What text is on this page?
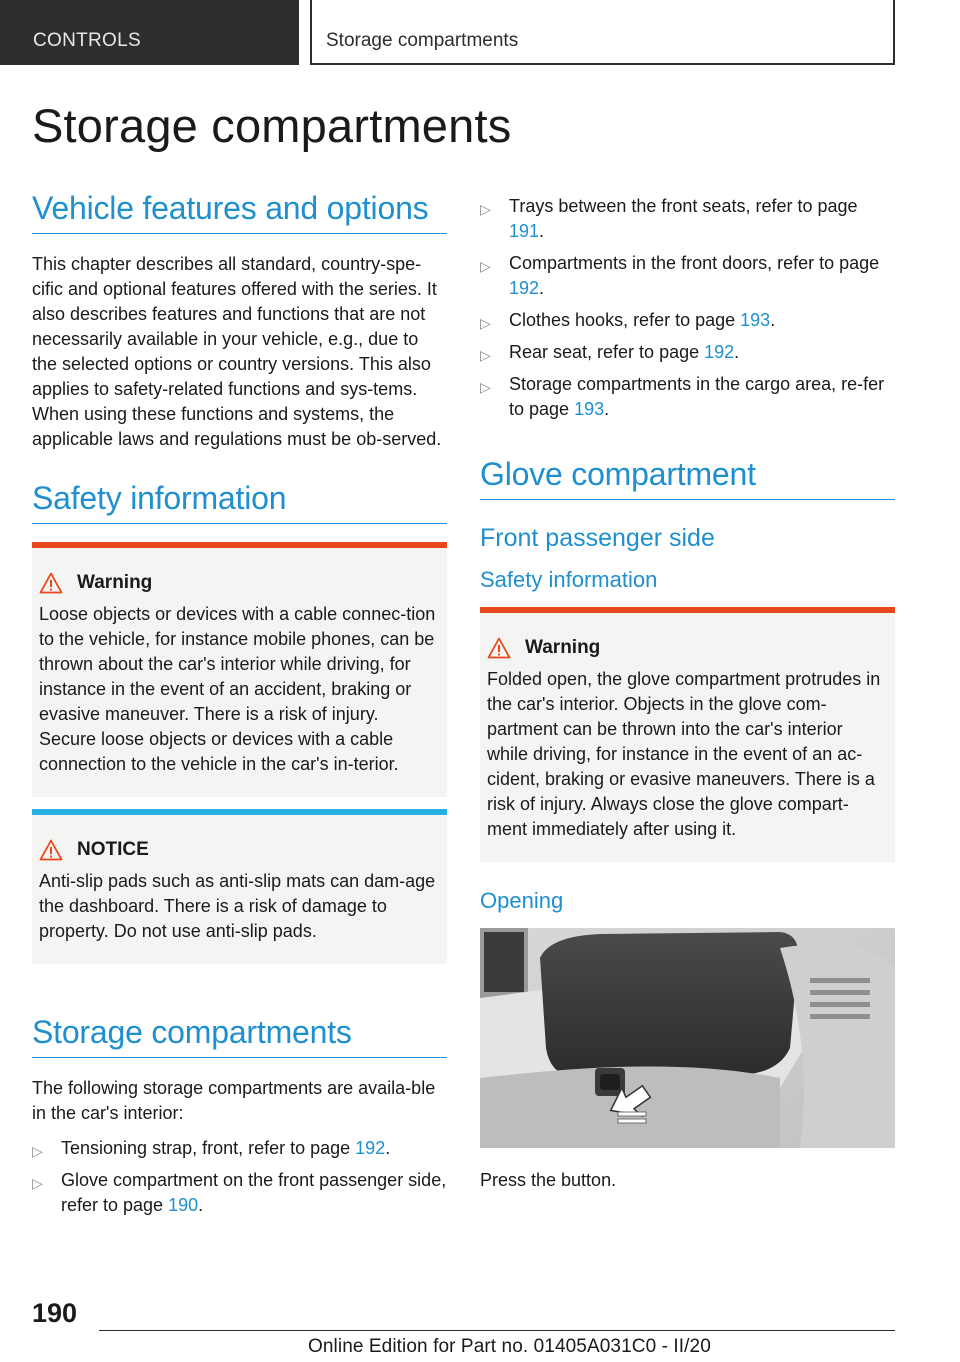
CONTROLS	Storage compartments
Storage compartments
Vehicle features and options

This chapter describes all standard, country-spe-cific and optional features offered with the series. It also describes features and functions that are not necessarily available in your vehicle, e.g., due to the selected options or country versions. This also applies to safety-related functions and sys-tems. When using these functions and systems, the applicable laws and regulations must be ob-served.

Safety information
Warning
Loose objects or devices with a cable connec-tion to the vehicle, for instance mobile phones, can be thrown about the car's interior while driving, for instance in the event of an accident, braking or evasive maneuver. There is a risk of injury. Secure loose objects or devices with a cable connection to the vehicle in the car's in-terior.
NOTICE
Anti-slip pads such as anti-slip mats can dam-age the dashboard. There is a risk of damage to property. Do not use anti-slip pads.
Storage compartments

The following storage compartments are availa-ble in the car's interior:

▷ Tensioning strap, front, refer to page 192.
▷ Glove compartment on the front passenger side, refer to page 190.
▷ Trays between the front seats, refer to page 191.
▷ Compartments in the front doors, refer to page 192.
▷ Clothes hooks, refer to page 193.
▷ Rear seat, refer to page 192.
▷ Storage compartments in the cargo area, re-fer to page 193.
Glove compartment
Front passenger side
Safety information
Warning
Folded open, the glove compartment protrudes in the car's interior. Objects in the glove com-partment can be thrown into the car's interior while driving, for instance in the event of an ac-cident, braking or evasive maneuvers. There is a risk of injury. Always close the glove compart-ment immediately after using it.
Opening

Press the button.

190
Online Edition for Part no. 01405A031C0 - II/20
